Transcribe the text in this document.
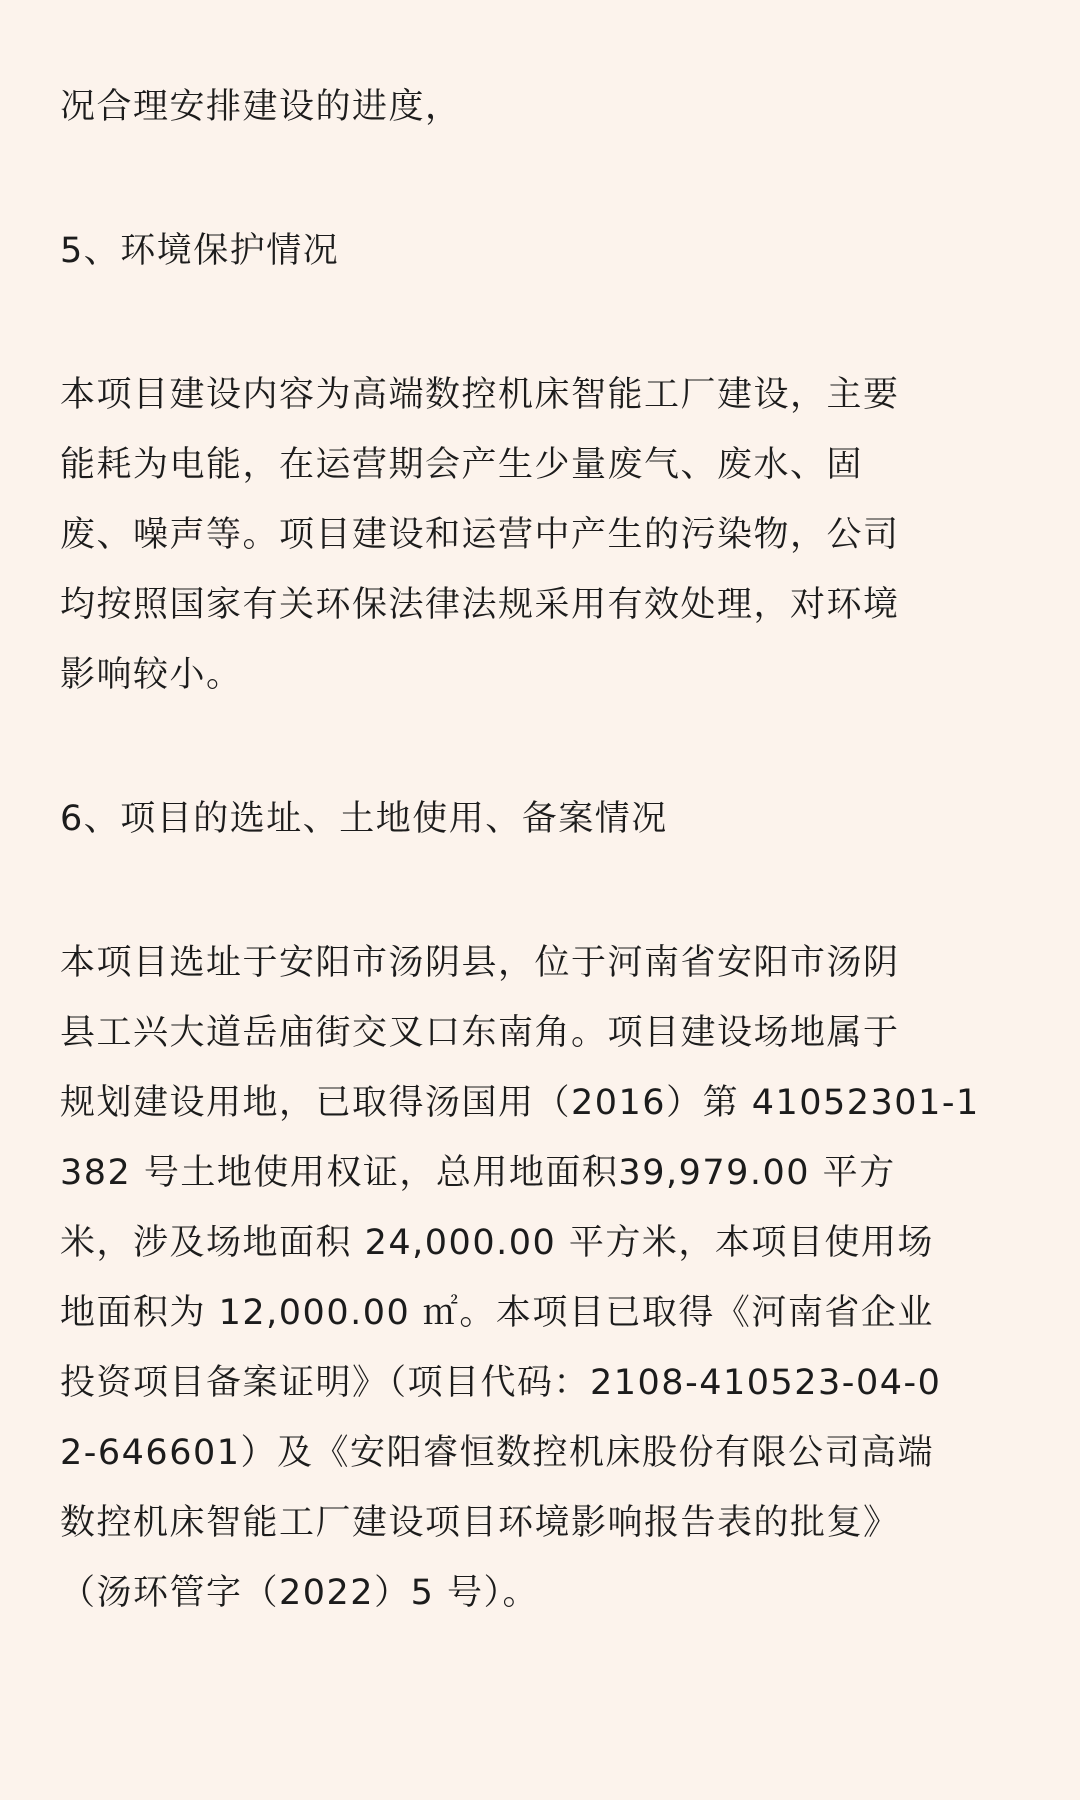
况合理安排建设的进度，
5、环境保护情况
本项目建设内容为高端数控机床智能工厂建设，主要
能耗为电能，在运营期会产生少量废气、废水、固
废、噪声等。项目建设和运营中产生的污染物，公司
均按照国家有关环保法律法规采用有效处理，对环境
影响较小。
6、项目的选址、土地使用、备案情况
本项目选址于安阳市汤阴县，位于河南省安阳市汤阴
县工兴大道岳庙街交叉口东南角。项目建设场地属于
规划建设用地，已取得汤国用（2016）第 41052301-1
382 号土地使用权证，总用地面积39,979.00 平方
米，涉及场地面积 24,000.00 平方米，本项目使用场
地面积为 12,000.00 ㎡。本项目已取得《河南省企业
投资项目备案证明》（项目代码：2108-410523-04-0
2-646601）及《安阳睿恒数控机床股份有限公司高端
数控机床智能工厂建设项目环境影响报告表的批复》
（汤环管字（2022）5 号）。
